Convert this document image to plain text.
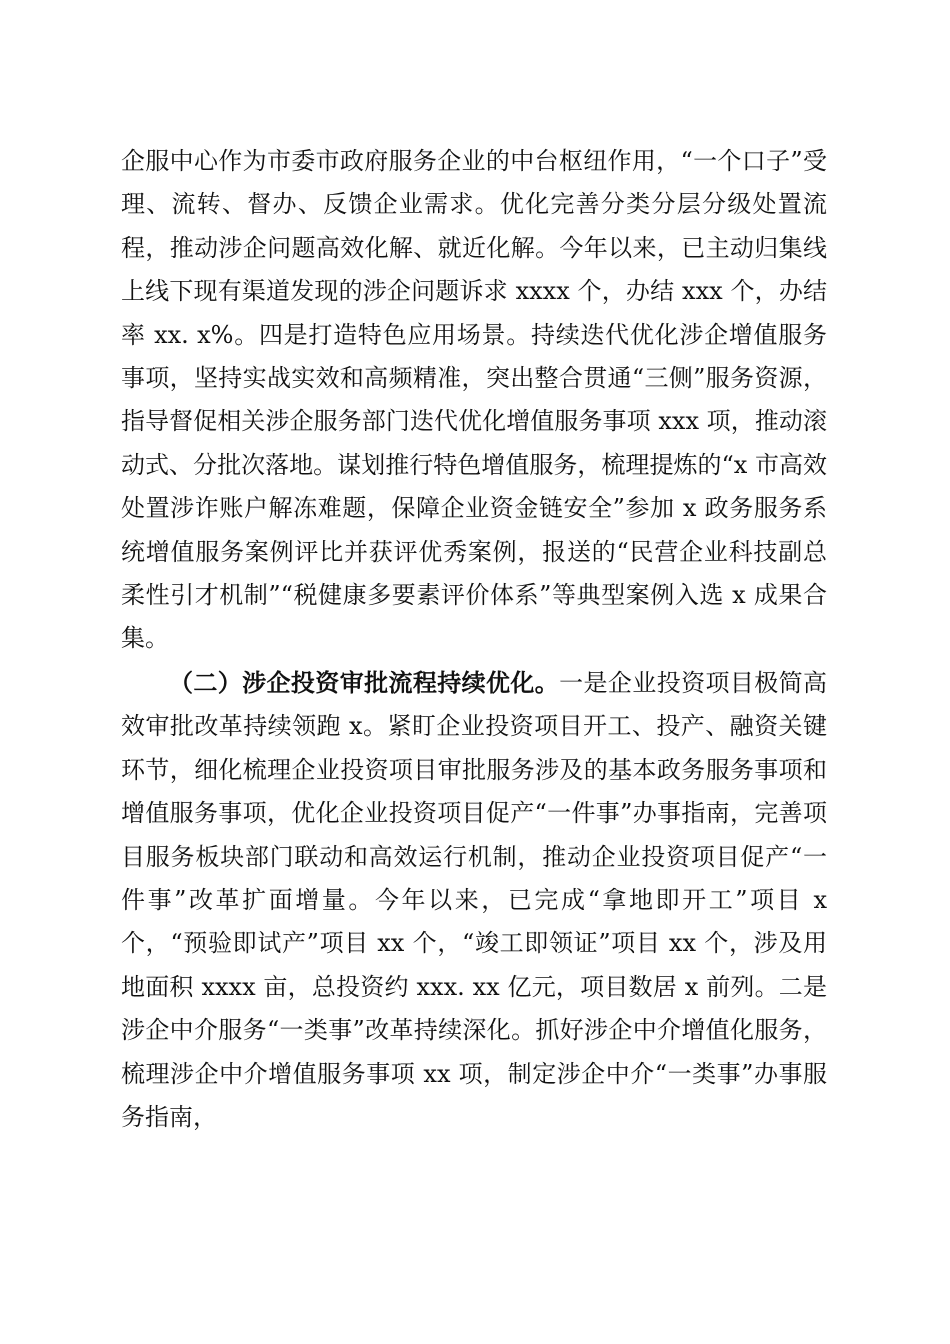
企服中心作为市委市政府服务企业的中台枢纽作用，“一个口子”受理、流转、督办、反馈企业需求。优化完善分类分层分级处置流程，推动涉企问题高效化解、就近化解。今年以来，已主动归集线上线下现有渠道发现的涉企问题诉求 xxxx 个，办结 xxx 个，办结率 xx. x%。四是打造特色应用场景。持续迭代优化涉企增值服务事项，坚持实战实效和高频精准，突出整合贯通“三侧”服务资源，指导督促相关涉企服务部门迭代优化增值服务事项 xxx 项，推动滚动式、分批次落地。谋划推行特色增值服务，梳理提炼的“x 市高效处置涉诈账户解冻难题，保障企业资金链安全”参加 x 政务服务系统增值服务案例评比并获评优秀案例，报送的“民营企业科技副总柔性引才机制”“税健康多要素评价体系”等典型案例入选 x 成果合集。

（二）涉企投资审批流程持续优化。一是企业投资项目极简高效审批改革持续领跑 x。紧盯企业投资项目开工、投产、融资关键环节，细化梳理企业投资项目审批服务涉及的基本政务服务事项和增值服务事项，优化企业投资项目促产“一件事”办事指南，完善项目服务板块部门联动和高效运行机制，推动企业投资项目促产“一件事”改革扩面增量。今年以来，已完成“拿地即开工”项目 x 个，“预验即试产”项目 xx 个，“竣工即领证”项目 xx 个，涉及用地面积 xxxx 亩，总投资约 xxx. xx 亿元，项目数居 x 前列。二是涉企中介服务“一类事”改革持续深化。抓好涉企中介增值化服务，梳理涉企中介增值服务事项 xx 项，制定涉企中介“一类事”办事服务指南，
